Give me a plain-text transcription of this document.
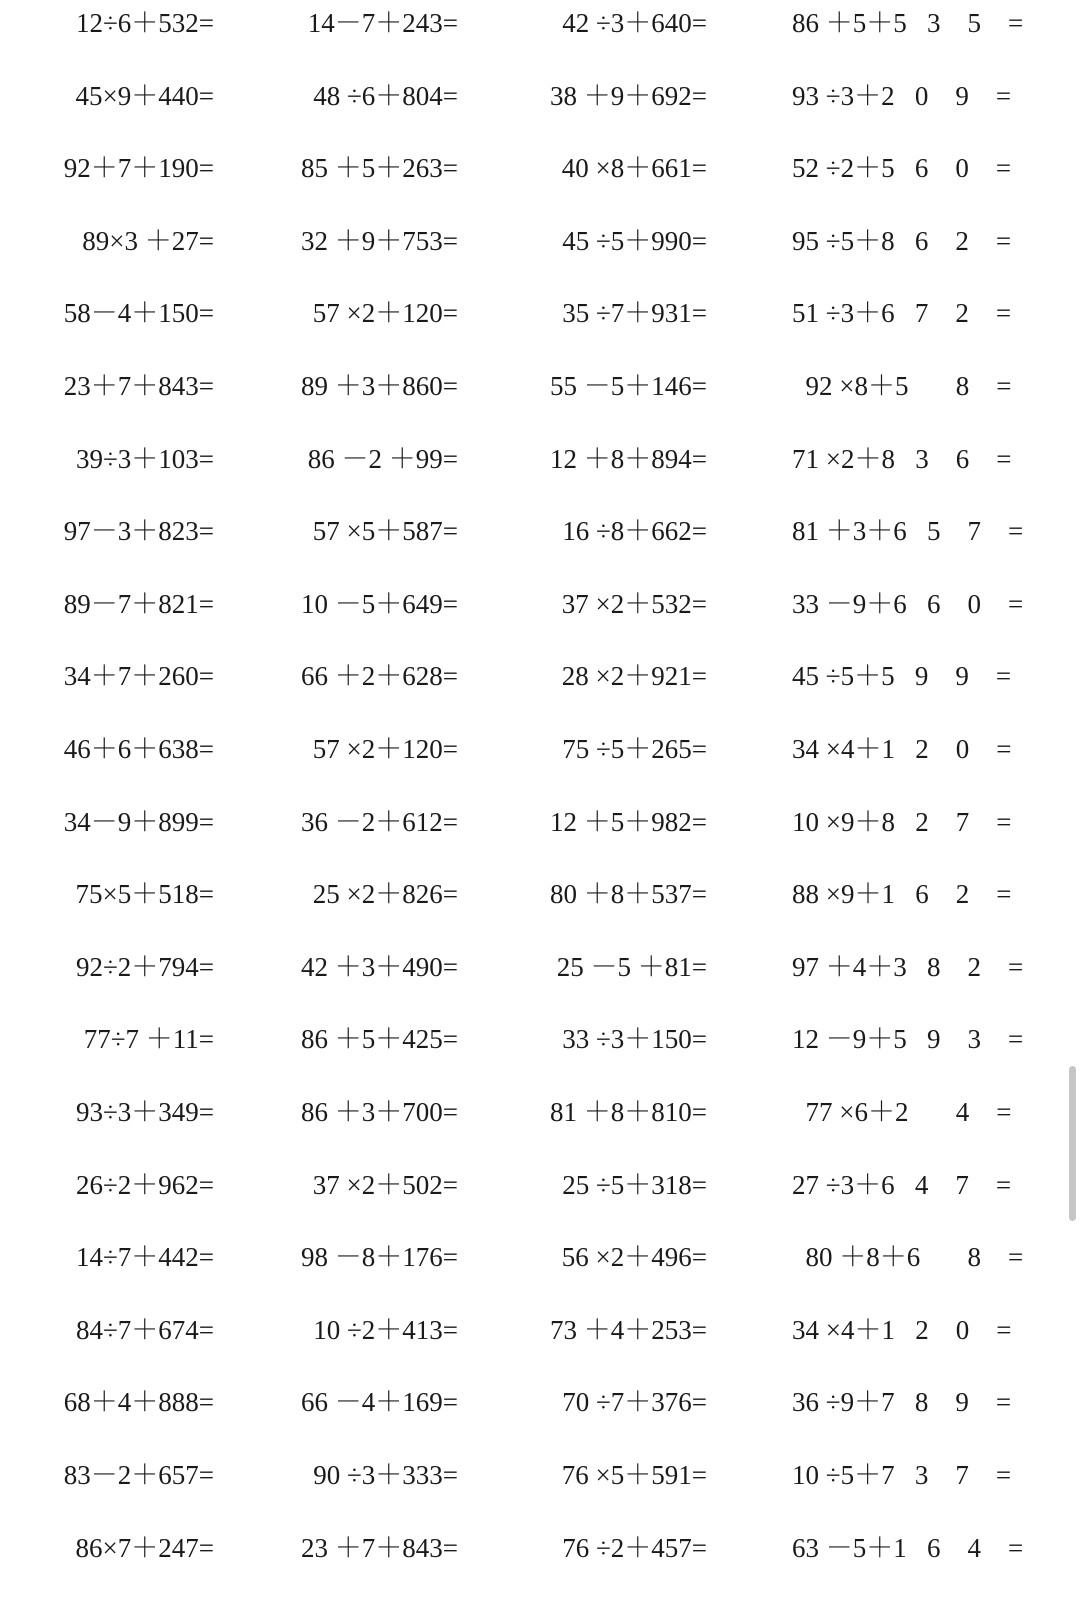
12÷6＋532=	14－7＋243=	42 ÷3＋640=	86 ＋5＋5   3    5    =
45×9＋440=	48 ÷6＋804=	38 ＋9＋692=	93 ÷3＋2   0    9    =
92＋7＋190=	85 ＋5＋263=	40 ×8＋661=	52 ÷2＋5   6    0    =
89×3 ＋27=	32 ＋9＋753=	45 ÷5＋990=	95 ÷5＋8   6    2    =
58－4＋150=	57 ×2＋120=	35 ÷7＋931=	51 ÷3＋6   7    2    =
23＋7＋843=	89 ＋3＋860=	55 －5＋146=	92 ×8＋5       8    =
39÷3＋103=	86 －2 ＋99=	12 ＋8＋894=	71 ×2＋8   3    6    =
97－3＋823=	57 ×5＋587=	16 ÷8＋662=	81 ＋3＋6   5    7    =
89－7＋821=	10 －5＋649=	37 ×2＋532=	33 －9＋6   6    0    =
34＋7＋260=	66 ＋2＋628=	28 ×2＋921=	45 ÷5＋5   9    9    =
46＋6＋638=	57 ×2＋120=	75 ÷5＋265=	34 ×4＋1   2    0    =
34－9＋899=	36 －2＋612=	12 ＋5＋982=	10 ×9＋8   2    7    =
75×5＋518=	25 ×2＋826=	80 ＋8＋537=	88 ×9＋1   6    2    =
92÷2＋794=	42 ＋3＋490=	25 －5 ＋81=	97 ＋4＋3   8    2    =
77÷7 ＋11=	86 ＋5＋425=	33 ÷3＋150=	12 －9＋5   9    3    =
93÷3＋349=	86 ＋3＋700=	81 ＋8＋810=	77 ×6＋2       4    =
26÷2＋962=	37 ×2＋502=	25 ÷5＋318=	27 ÷3＋6   4    7    =
14÷7＋442=	98 －8＋176=	56 ×2＋496=	80 ＋8＋6       8    =
84÷7＋674=	10 ÷2＋413=	73 ＋4＋253=	34 ×4＋1   2    0    =
68＋4＋888=	66 －4＋169=	70 ÷7＋376=	36 ÷9＋7   8    9    =
83－2＋657=	90 ÷3＋333=	76 ×5＋591=	10 ÷5＋7   3    7    =
86×7＋247=	23 ＋7＋843=	76 ÷2＋457=	63 －5＋1   6    4    =
